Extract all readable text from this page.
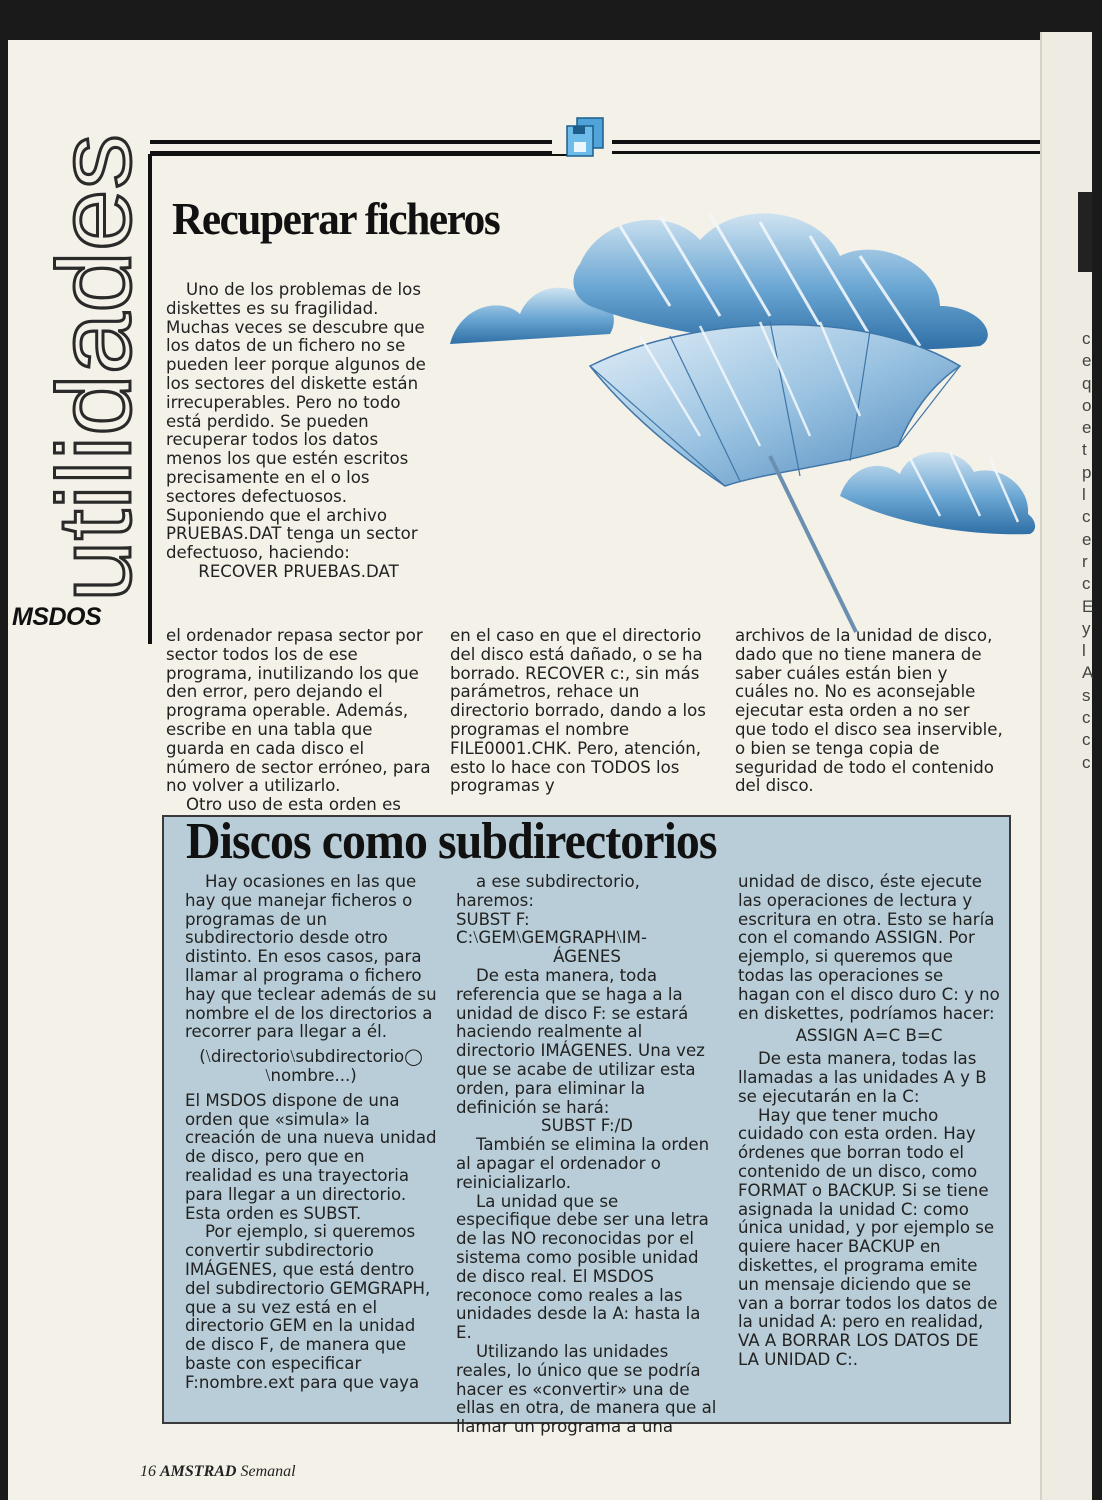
c
e
q
o
e
t
p
l
c
e
r
c
E
y
l
A
s
c
c
c
utilidades
MSDOS
Recuperar ficheros

Uno de los problemas de los diskettes es su fragilidad. Muchas veces se descubre que los datos de un fichero no se pueden leer porque algunos de los sectores del diskette están irrecuperables. Pero no todo está perdido. Se pueden recuperar todos los datos menos los que estén escritos precisamente en el o los sectores defectuosos. Suponiendo que el archivo PRUEBAS.DAT tenga un sector defectuoso, haciendo:

RECOVER PRUEBAS.DAT

el ordenador repasa sector por sector todos los de ese programa, inutilizando los que den error, pero dejando el programa operable. Además, escribe en una tabla que guarda en cada disco el número de sector erróneo, para no volver a utilizarlo.

Otro uso de esta orden es

en el caso en que el directorio del disco está dañado, o se ha borrado. RECOVER c:, sin más parámetros, rehace un directorio borrado, dando a los programas el nombre FILE0001.CHK. Pero, atención, esto lo hace con TODOS los programas y

archivos de la unidad de disco, dado que no tiene manera de saber cuáles están bien y cuáles no. No es aconsejable ejecutar esta orden a no ser que todo el disco sea inservible, o bien se tenga copia de seguridad de todo el contenido del disco.

Discos como subdirectorios

Hay ocasiones en las que hay que manejar ficheros o programas de un subdirectorio desde otro distinto. En esos casos, para llamar al programa o fichero hay que teclear además de su nombre el de los directorios a recorrer para llegar a él.

(⧵directorio⧵subdirectorio◯

⧵nombre...)

El MSDOS dispone de una orden que «simula» la creación de una nueva unidad de disco, pero que en realidad es una trayectoria para llegar a un directorio. Esta orden es SUBST.

Por ejemplo, si queremos convertir subdirectorio IMÁGENES, que está dentro del subdirectorio GEMGRAPH, que a su vez está en el directorio GEM en la unidad de disco F, de manera que baste con especificar F:nombre.ext para que vaya

a ese subdirectorio, haremos:

SUBST F:

C:⧵GEM⧵GEMGRAPH⧵IM-

ÁGENES

De esta manera, toda referencia que se haga a la unidad de disco F: se estará haciendo realmente al directorio IMÁGENES. Una vez que se acabe de utilizar esta orden, para eliminar la definición se hará:

SUBST F:/D

También se elimina la orden al apagar el ordenador o reinicializarlo.

La unidad que se especifique debe ser una letra de las NO reconocidas por el sistema como posible unidad de disco real. El MSDOS reconoce como reales a las unidades desde la A: hasta la E.

Utilizando las unidades reales, lo único que se podría hacer es «convertir» una de ellas en otra, de manera que al llamar un programa a una

unidad de disco, éste ejecute las operaciones de lectura y escritura en otra. Esto se haría con el comando ASSIGN. Por ejemplo, si queremos que todas las operaciones se hagan con el disco duro C: y no en diskettes, podríamos hacer:

ASSIGN A=C B=C

De esta manera, todas las llamadas a las unidades A y B se ejecutarán en la C:

Hay que tener mucho cuidado con esta orden. Hay órdenes que borran todo el contenido de un disco, como FORMAT o BACKUP. Si se tiene asignada la unidad C: como única unidad, y por ejemplo se quiere hacer BACKUP en diskettes, el programa emite un mensaje diciendo que se van a borrar todos los datos de la unidad A: pero en realidad, VA A BORRAR LOS DATOS DE LA UNIDAD C:.

16 AMSTRAD Semanal
